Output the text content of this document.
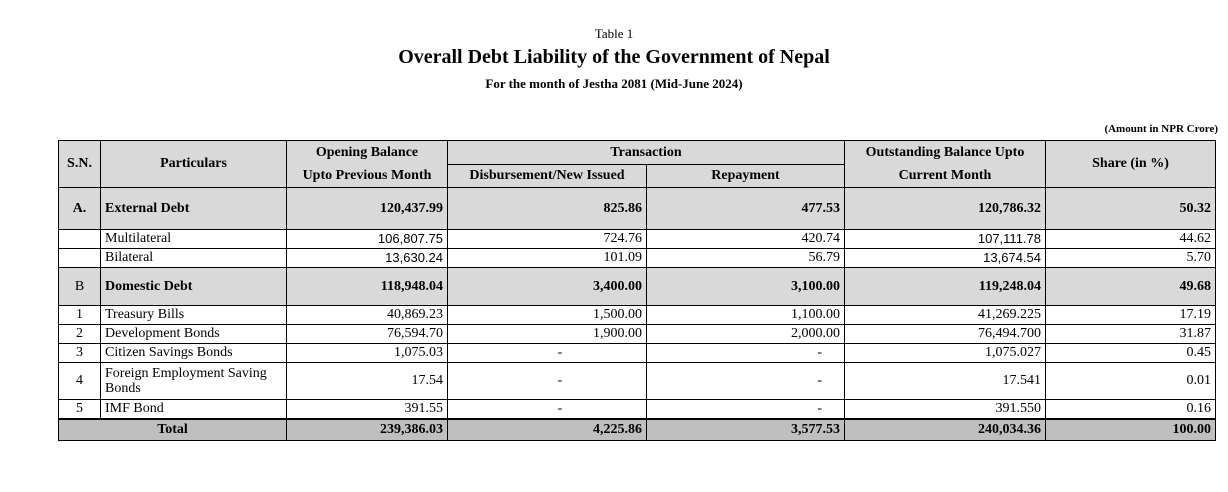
Table 1
Overall Debt Liability of the Government of Nepal
For the month of Jestha 2081 (Mid-June 2024)
(Amount in NPR Crore)
S.N.	Particulars	Opening Balance	Transaction		Outstanding Balance Upto	Share (in %)
		Upto Previous Month	Disbursement/New Issued	Repayment	Current Month	
A.	External Debt	120,437.99	825.86	477.53	120,786.32	50.32
	Multilateral	106,807.75	724.76	420.74	107,111.78	44.62
	Bilateral	13,630.24	101.09	56.79	13,674.54	5.70
B	Domestic Debt	118,948.04	3,400.00	3,100.00	119,248.04	49.68
1	Treasury Bills	40,869.23	1,500.00	1,100.00	41,269.225	17.19
2	Development Bonds	76,594.70	1,900.00	2,000.00	76,494.700	31.87
3	Citizen Savings Bonds	1,075.03	-	-	1,075.027	0.45
4	Foreign Employment Saving Bonds	17.54	-	-	17.541	0.01
5	IMF Bond	391.55	-	-	391.550	0.16
Total		239,386.03	4,225.86	3,577.53	240,034.36	100.00
